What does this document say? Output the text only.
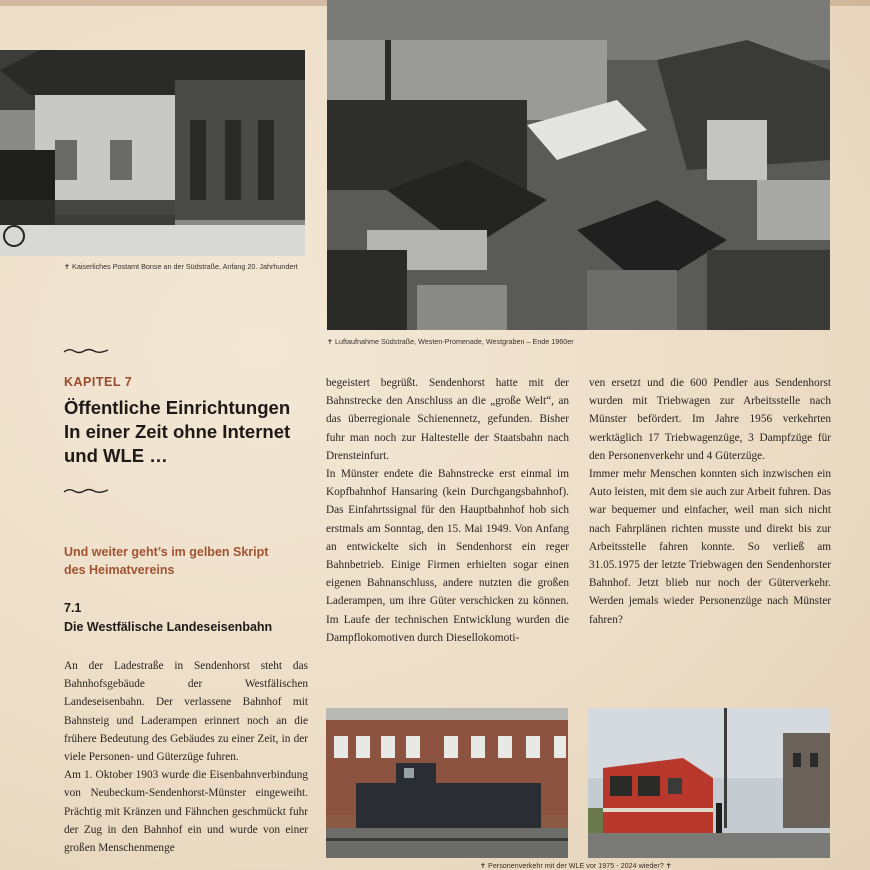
✝ Kaiserliches Postamt Bonse an der Südstraße, Anfang 20. Jahrhundert
✝ Luftaufnahme Südstraße, Westen-Promenade, Westgraben – Ende 1960er
KAPITEL 7
Öffentliche Einrichtungen
In einer Zeit ohne Internet
und WLE …
Und weiter geht’s im gelben Skript
des Heimatvereins
7.1
Die Westfälische Landeseisenbahn

An der Ladestraße in Sendenhorst steht das Bahnhofsgebäude der Westfälischen Landeseisenbahn. Der verlassene Bahnhof mit Bahnsteig und Laderampen erinnert noch an die frühere Bedeutung des Gebäudes zu einer Zeit, in der viele Personen- und Güterzüge fuhren.

Am 1. Oktober 1903 wurde die Eisenbahnverbindung von Neubeckum-Sendenhorst-Münster eingeweiht. Prächtig mit Kränzen und Fähnchen geschmückt fuhr der Zug in den Bahnhof ein und wurde von einer großen Menschenmenge

begeistert begrüßt. Sendenhorst hatte mit der Bahnstrecke den Anschluss an die „große Welt“, an das überregionale Schienennetz, gefunden. Bisher fuhr man noch zur Haltestelle der Staatsbahn nach Drensteinfurt.

In Münster endete die Bahnstrecke erst einmal im Kopfbahnhof Hansaring (kein Durchgangsbahnhof). Das Einfahrtssignal für den Hauptbahnhof hob sich erstmals am Sonntag, den 15. Mai 1949. Von Anfang an entwickelte sich in Sendenhorst ein reger Bahnbetrieb. Einige Firmen erhielten sogar einen eigenen Bahnanschluss, andere nutzten die großen Laderampen, um ihre Güter verschicken zu können. Im Laufe der technischen Entwicklung wurden die Dampflokomotiven durch Diesellokomoti-

ven ersetzt und die 600 Pendler aus Sendenhorst wurden mit Triebwagen zur Arbeitsstelle nach Münster befördert. Im Jahre 1956 verkehrten werktäglich 17 Triebwagenzüge, 3 Dampfzüge für den Personenverkehr und 4 Güterzüge.

Immer mehr Menschen konnten sich inzwischen ein Auto leisten, mit dem sie auch zur Arbeit fuhren. Das war bequemer und einfacher, weil man sich nicht nach Fahrplänen richten musste und direkt bis zur Arbeitsstelle fahren konnte. So verließ am 31.05.1975 der letzte Triebwagen den Sendenhorster Bahnhof. Jetzt blieb nur noch der Güterverkehr. Werden jemals wieder Personenzüge nach Münster fahren?

✝ Personenverkehr mit der WLE vor 1975 - 2024 wieder? ✝
